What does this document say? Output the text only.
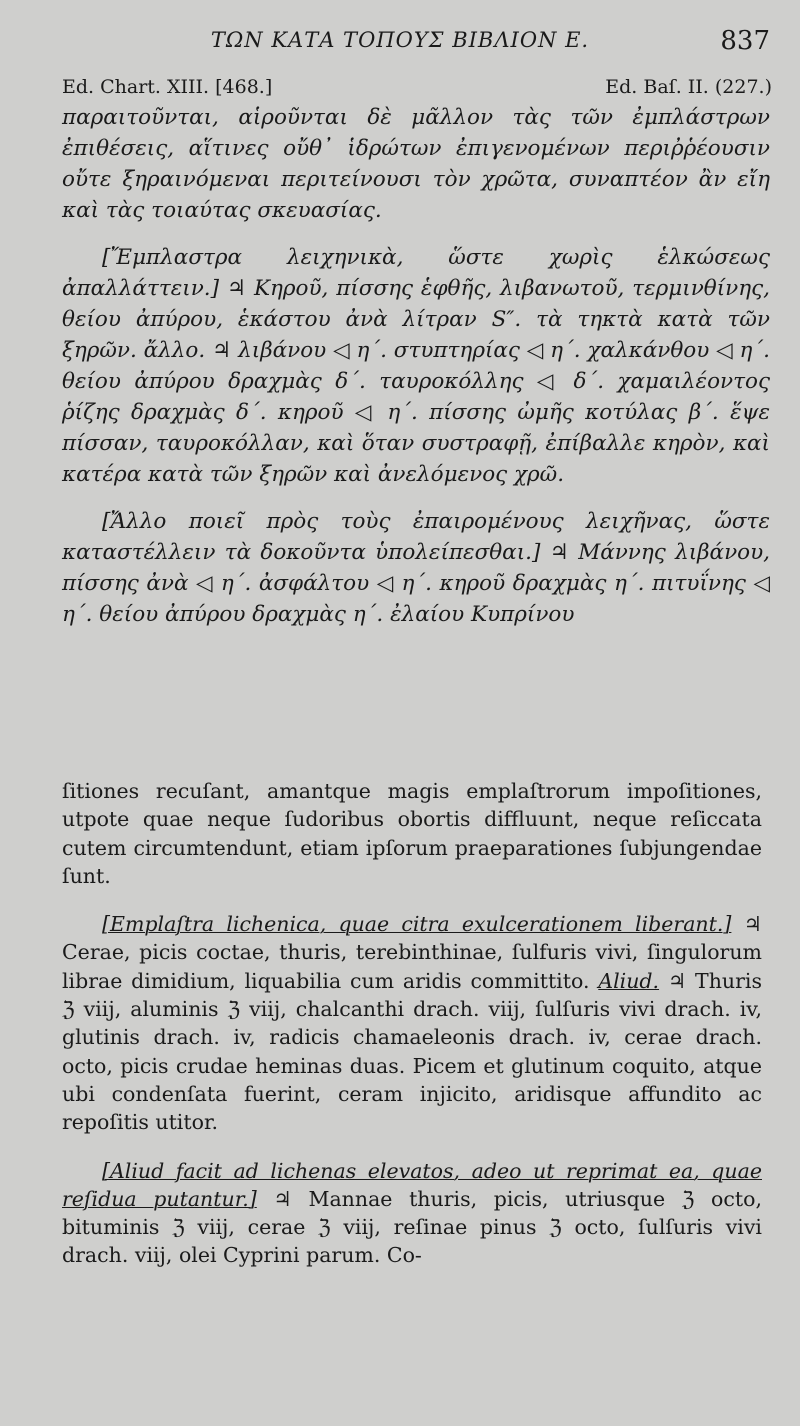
ΤΩΝ ΚΑΤΑ ΤΟΠΟΥΣ ΒΙΒΛΙΟΝ Ε.	837
Ed. Chart. XIII. [468.]	Ed. Baſ. II. (227.)

παραιτοῦνται, αἱροῦνται δὲ μᾶλλον τὰς τῶν ἐμπλάστρων ἐπιθέσεις, αἵτινες οὔθ᾽ ἱδρώτων ἐπιγενομένων περιῤῥέουσιν οὔτε ξηραινόμεναι περιτείνουσι τὸν χρῶτα, συναπτέον ἂν εἴη καὶ τὰς τοιαύτας σκευασίας.

[Ἔμπλαστρα λειχηνικὰ, ὥστε χωρὶς ἑλκώσεως ἀπαλλάττειν.] ♃ Κηροῦ, πίσσης ἑφθῆς, λιβανωτοῦ, τερμινθίνης, θείου ἀπύρου, ἑκάστου ἀνὰ λίτραν S″. τὰ τηκτὰ κατὰ τῶν ξηρῶν. ἄλλο. ♃ λιβάνου ◁ η΄. στυπτηρίας ◁ η΄. χαλκάνθου ◁ η΄. θείου ἀπύρου δραχμὰς δ΄. ταυροκόλλης ◁ δ΄. χαμαιλέοντος ῥίζης δραχμὰς δ΄. κηροῦ ◁ η΄. πίσσης ὠμῆς κοτύλας β΄. ἕψε πίσσαν, ταυροκόλλαν, καὶ ὅταν συστραφῇ, ἐπίβαλλε κηρὸν, καὶ κατέρα κατὰ τῶν ξηρῶν καὶ ἀνελόμενος χρῶ.

[Ἄλλο ποιεῖ πρὸς τοὺς ἐπαιρομένους λειχῆνας, ὥστε καταστέλλειν τὰ δοκοῦντα ὑπολείπεσθαι.] ♃ Μάννης λιβάνου, πίσσης ἀνὰ ◁ η΄. ἀσφάλτου ◁ η΄. κηροῦ δραχμὰς η΄. πιτυΐνης ◁ η΄. θείου ἀπύρου δραχμὰς η΄. ἐλαίου Κυπρίνου

ſitiones recuſant, amantque magis emplaſtrorum impoſitiones, utpote quae neque ſudoribus obortis diffluunt, neque reſiccata cutem circumtendunt, etiam ipſorum praeparationes ſubjungendae ſunt.

[Emplaſtra lichenica, quae citra exulcerationem liberant.] ♃ Cerae, picis coctae, thuris, terebinthinae, ſulfuris vivi, ſingulorum librae dimidium, liquabilia cum aridis committito. Aliud. ♃ Thuris ℨ viij, aluminis ℨ viij, chalcanthi drach. viij, ſulſuris vivi drach. iv, glutinis drach. iv, radicis chamaeleonis drach. iv, cerae drach. octo, picis crudae heminas duas. Picem et glutinum coquito, atque ubi condenſata fuerint, ceram injicito, aridisque affundito ac repoſitis utitor.

[Aliud facit ad lichenas elevatos, adeo ut reprimat ea, quae reſidua putantur.] ♃ Mannae thuris, picis, utriusque ℨ octo, bituminis ℨ viij, cerae ℨ viij, reſinae pinus ℨ octo, ſulſuris vivi drach. viij, olei Cyprini parum. Co-
